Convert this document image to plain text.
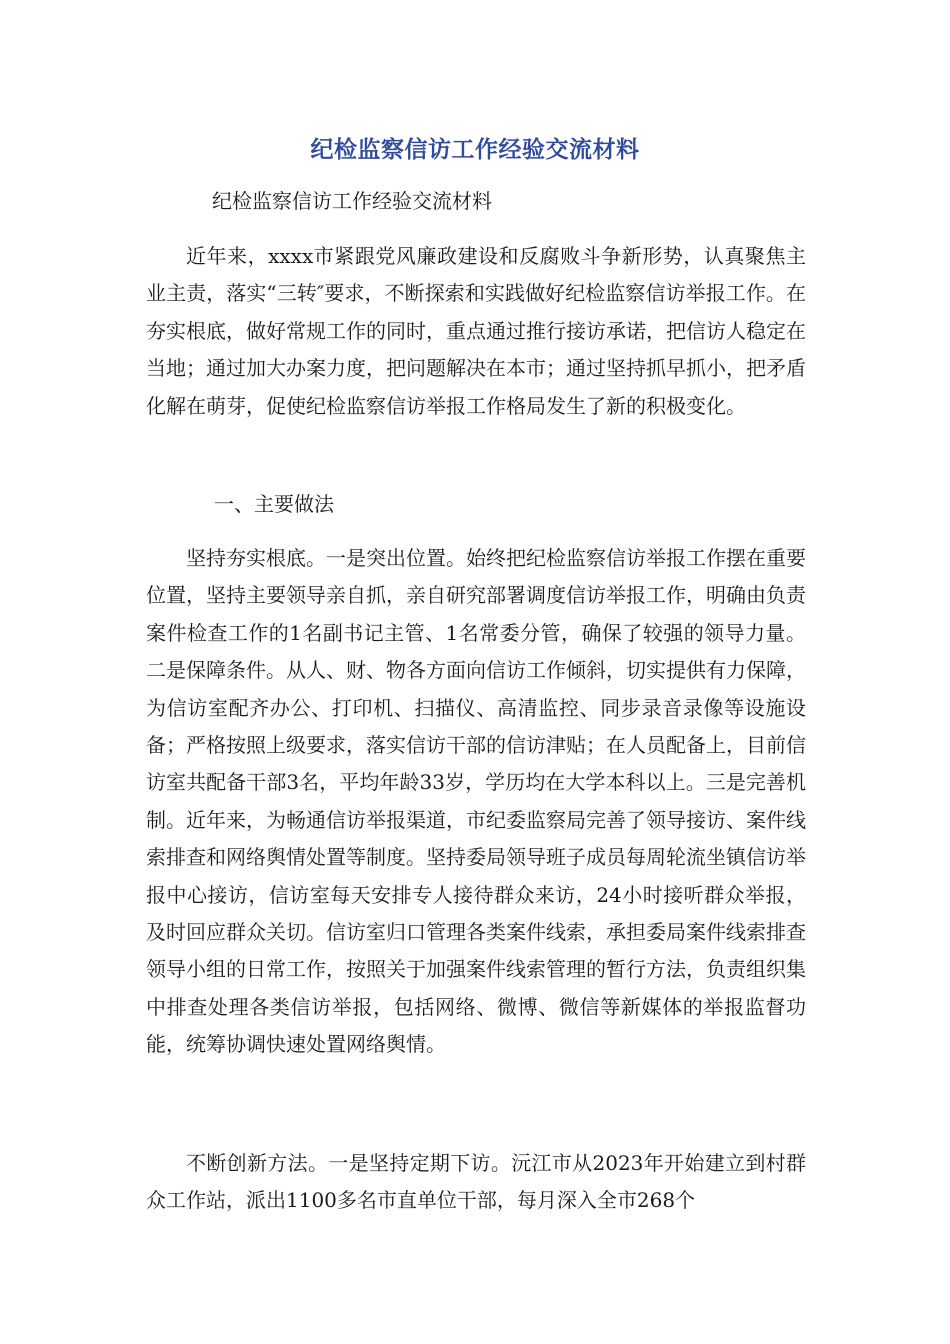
纪检监察信访工作经验交流材料
纪检监察信访工作经验交流材料

近年来，xxxx市紧跟党风廉政建设和反腐败斗争新形势，认真聚焦主业主责，落实“三转″要求，不断探索和实践做好纪检监察信访举报工作。在夯实根底，做好常规工作的同时，重点通过推行接访承诺，把信访人稳定在当地；通过加大办案力度，把问题解决在本市；通过坚持抓早抓小，把矛盾化解在萌芽，促使纪检监察信访举报工作格局发生了新的积极变化。

一、主要做法

坚持夯实根底。一是突出位置。始终把纪检监察信访举报工作摆在重要位置，坚持主要领导亲自抓，亲自研究部署调度信访举报工作，明确由负责案件检查工作的1名副书记主管、1名常委分管，确保了较强的领导力量。二是保障条件。从人、财、物各方面向信访工作倾斜，切实提供有力保障，为信访室配齐办公、打印机、扫描仪、高清监控、同步录音录像等设施设备；严格按照上级要求，落实信访干部的信访津贴；在人员配备上，目前信访室共配备干部3名，平均年龄33岁，学历均在大学本科以上。三是完善机制。近年来，为畅通信访举报渠道，市纪委监察局完善了领导接访、案件线索排查和网络舆情处置等制度。坚持委局领导班子成员每周轮流坐镇信访举报中心接访，信访室每天安排专人接待群众来访，24小时接听群众举报，及时回应群众关切。信访室归口管理各类案件线索，承担委局案件线索排查领导小组的日常工作，按照关于加强案件线索管理的暂行方法，负责组织集中排查处理各类信访举报，包括网络、微博、微信等新媒体的举报监督功能，统筹协调快速处置网络舆情。

不断创新方法。一是坚持定期下访。沅江市从2023年开始建立到村群众工作站，派出1100多名市直单位干部，每月深入全市268个
